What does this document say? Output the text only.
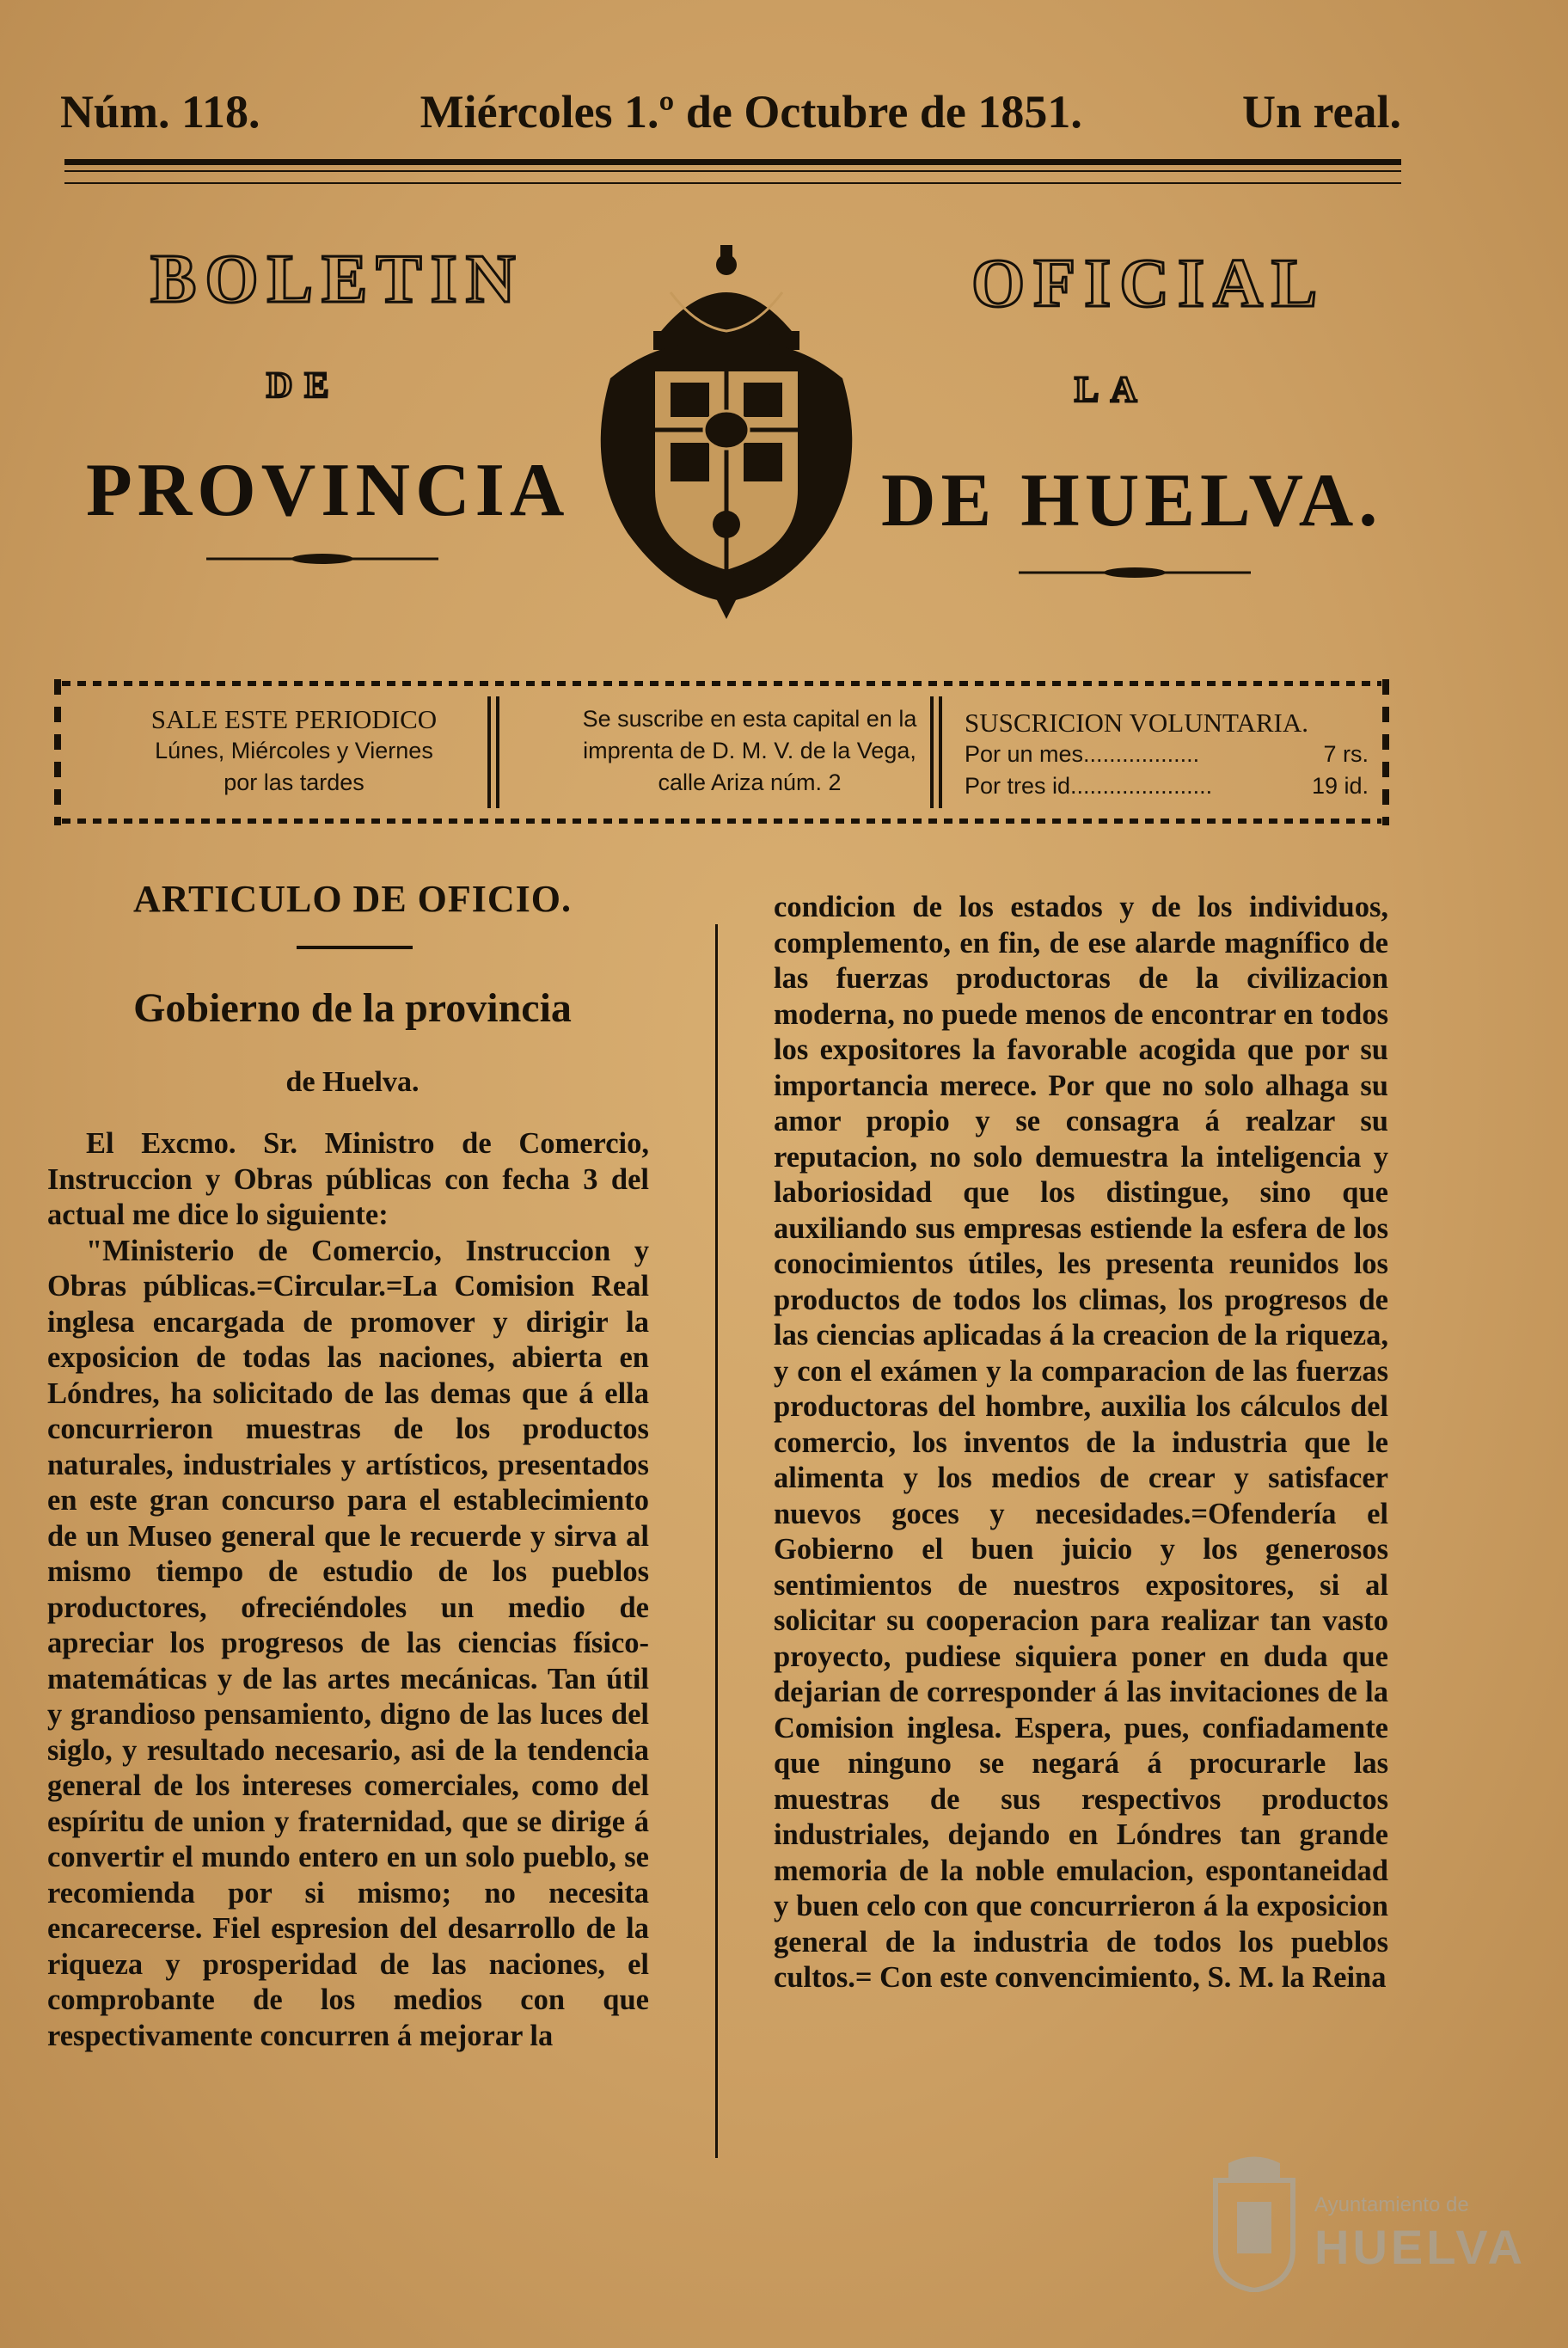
Núm. 118.	Miércoles 1.º de Octubre de 1851.	Un real.
BOLETIN	OFICIAL
DE	LA
PROVINCIA	DE HUELVA.
SALE ESTE PERIODICO
Lúnes, Miércoles y Viernes
por las tardes
Se suscribe en esta capital en la
imprenta de D. M. V. de la Vega,
calle Ariza núm. 2
SUSCRICION VOLUNTARIA.
Por un mes..................	7 rs.
Por tres id......................	19 id.
ARTICULO DE OFICIO.
Gobierno de la provincia
de Huelva.

El Excmo. Sr. Ministro de Comercio, Instruccion y Obras públicas con fecha 3 del actual me dice lo siguiente:

"Ministerio de Comercio, Instruccion y Obras públicas.=Circular.=La Comision Real inglesa encargada de promover y dirigir la exposicion de todas las naciones, abierta en Lóndres, ha solicitado de las demas que á ella concurrieron muestras de los productos naturales, industriales y artísticos, presentados en este gran concurso para el establecimiento de un Museo general que le recuerde y sirva al mismo tiempo de estudio de los pueblos productores, ofreciéndoles un medio de apreciar los progresos de las ciencias físico-matemáticas y de las artes mecánicas. Tan útil y grandioso pensamiento, digno de las luces del siglo, y resultado necesario, asi de la tendencia general de los intereses comerciales, como del espíritu de union y fraternidad, que se dirige á convertir el mundo entero en un solo pueblo, se recomienda por si mismo; no necesita encarecerse. Fiel espresion del desarrollo de la riqueza y prosperidad de las naciones, el comprobante de los medios con que respectivamente concurren á mejorar la

condicion de los estados y de los individuos, complemento, en fin, de ese alarde magnífico de las fuerzas productoras de la civilizacion moderna, no puede menos de encontrar en todos los expositores la favorable acogida que por su importancia merece. Por que no solo alhaga su amor propio y se consagra á realzar su reputacion, no solo demuestra la inteligencia y laboriosidad que los distingue, sino que auxiliando sus empresas estiende la esfera de los conocimientos útiles, les presenta reunidos los productos de todos los climas, los progresos de las ciencias aplicadas á la creacion de la riqueza, y con el exámen y la comparacion de las fuerzas productoras del hombre, auxilia los cálculos del comercio, los inventos de la industria que le alimenta y los medios de crear y satisfacer nuevos goces y necesidades.=Ofendería el Gobierno el buen juicio y los generosos sentimientos de nuestros expositores, si al solicitar su cooperacion para realizar tan vasto proyecto, pudiese siquiera poner en duda que dejarian de corresponder á las invitaciones de la Comision inglesa. Espera, pues, confiadamente que ninguno se negará á procurarle las muestras de sus respectivos productos industriales, dejando en Lóndres tan grande memoria de la noble emulacion, espontaneidad y buen celo con que concurrieron á la exposicion general de la industria de todos los pueblos cultos.= Con este convencimiento, S. M. la Reina

Ayuntamiento de
HUELVA
